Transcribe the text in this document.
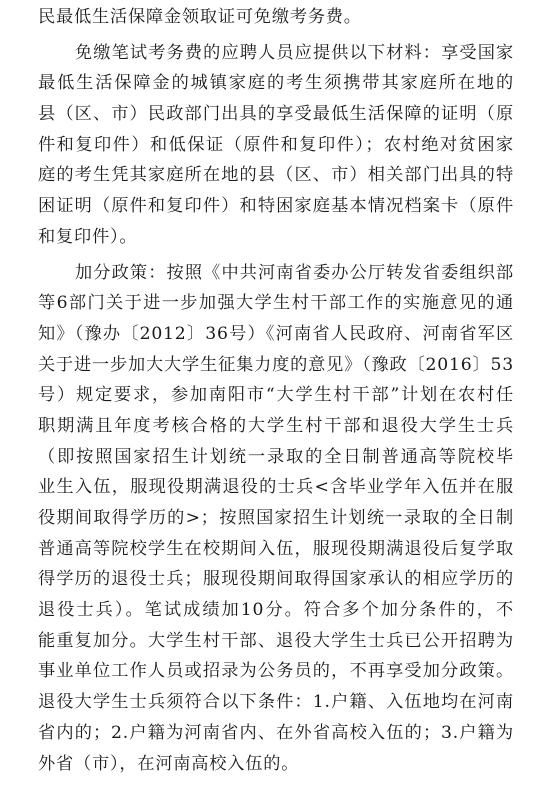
民最低生活保障金领取证可免缴考务费。
免缴笔试考务费的应聘人员应提供以下材料：享受国家
最低生活保障金的城镇家庭的考生须携带其家庭所在地的
县（区、市）民政部门出具的享受最低生活保障的证明（原
件和复印件）和低保证（原件和复印件）；农村绝对贫困家
庭的考生凭其家庭所在地的县（区、市）相关部门出具的特
困证明（原件和复印件）和特困家庭基本情况档案卡（原件
和复印件）。
加分政策：按照《中共河南省委办公厅转发省委组织部
等6部门关于进一步加强大学生村干部工作的实施意见的通
知》（豫办〔2012〕36号）《河南省人民政府、河南省军区
关于进一步加大大学生征集力度的意见》（豫政〔2016〕53
号）规定要求，参加南阳市“大学生村干部”计划在农村任
职期满且年度考核合格的大学生村干部和退役大学生士兵
（即按照国家招生计划统一录取的全日制普通高等院校毕
业生入伍，服现役期满退役的士兵<含毕业学年入伍并在服
役期间取得学历的>；按照国家招生计划统一录取的全日制
普通高等院校学生在校期间入伍，服现役期满退役后复学取
得学历的退役士兵；服现役期间取得国家承认的相应学历的
退役士兵）。笔试成绩加10分。符合多个加分条件的，不
能重复加分。大学生村干部、退役大学生士兵已公开招聘为
事业单位工作人员或招录为公务员的，不再享受加分政策。
退役大学生士兵须符合以下条件：1.户籍、入伍地均在河南
省内的；2.户籍为河南省内、在外省高校入伍的；3.户籍为
外省（市），在河南高校入伍的。
